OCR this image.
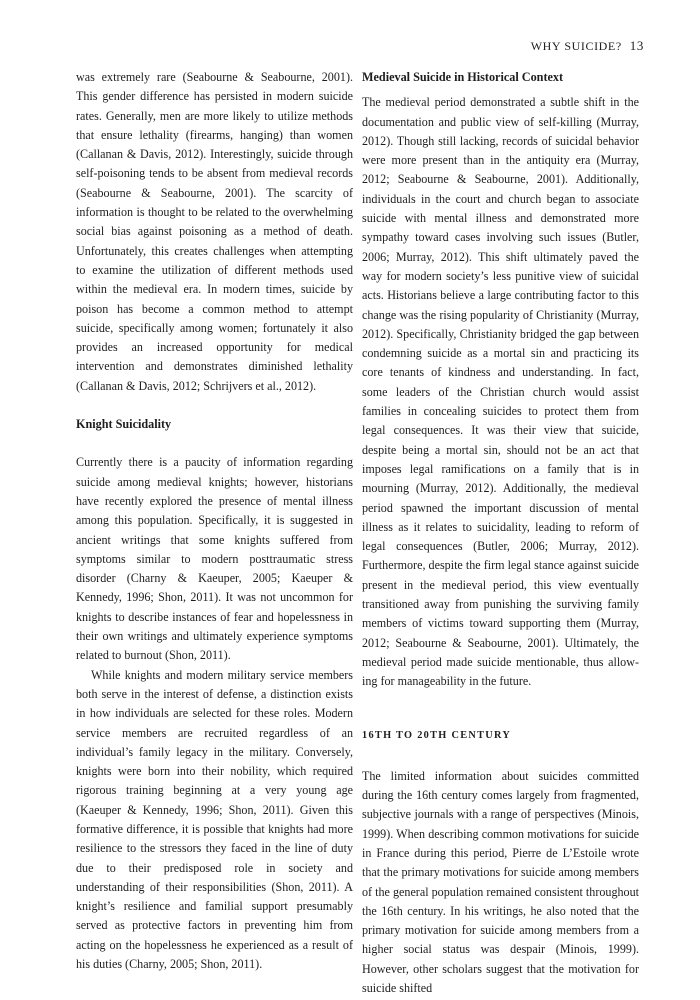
WHY SUICIDE? 13

was extremely rare (Seabourne & Seabourne, 2001). This gender difference has persisted in modern suicide rates. Generally, men are more likely to utilize methods that ensure lethality (firearms, hanging) than women (Callanan & Davis, 2012). Interestingly, suicide through self-poisoning tends to be absent from medieval records (Seabourne & Seabourne, 2001). The scarcity of information is thought to be related to the overwhelming social bias against poisoning as a method of death. Unfortunately, this creates challenges when attempting to examine the utilization of different methods used within the medieval era. In modern times, suicide by poison has become a common method to attempt suicide, specifically among women; fortunately it also provides an increased opportunity for medical intervention and demonstrates diminished lethality (Callanan & Davis, 2012; Schrijvers et al., 2012).

Knight Suicidality

Currently there is a paucity of information regarding suicide among medieval knights; however, historians have recently explored the presence of mental illness among this population. Specifically, it is suggested in ancient writings that some knights suffered from symptoms similar to modern posttraumatic stress disorder (Charny & Kaeuper, 2005; Kaeuper & Kennedy, 1996; Shon, 2011). It was not uncommon for knights to describe instances of fear and hopelessness in their own writings and ultimately experience symptoms related to burnout (Shon, 2011).

While knights and modern military service members both serve in the interest of defense, a distinction exists in how individuals are selected for these roles. Modern service members are recruited regardless of an individual’s family legacy in the military. Conversely, knights were born into their nobility, which required rigorous training beginning at a very young age (Kaeuper & Kennedy, 1996; Shon, 2011). Given this formative difference, it is possible that knights had more resilience to the stressors they faced in the line of duty due to their predisposed role in society and understanding of their responsibilities (Shon, 2011). A knight’s resilience and familial support presumably served as protective factors in preventing him from acting on the hopelessness he experienced as a result of his duties (Charny, 2005; Shon, 2011).

Medieval Suicide in Historical Context

The medieval period demonstrated a subtle shift in the documentation and public view of self-killing (Murray, 2012). Though still lacking, records of suicidal behavior were more present than in the antiquity era (Murray, 2012; Seabourne & Seabourne, 2001). Additionally, individuals in the court and church began to associate suicide with mental illness and demonstrated more sympathy toward cases involving such issues (Butler, 2006; Murray, 2012). This shift ultimately paved the way for modern society’s less punitive view of suicidal acts. Historians believe a large contributing factor to this change was the rising popularity of Christianity (Murray, 2012). Specifically, Christianity bridged the gap between condemning suicide as a mortal sin and practicing its core tenants of kindness and understanding. In fact, some leaders of the Christian church would assist families in concealing suicides to protect them from legal consequences. It was their view that suicide, despite being a mortal sin, should not be an act that imposes legal ramifications on a family that is in mourning (Murray, 2012). Additionally, the medieval period spawned the important discussion of mental illness as it relates to suicidality, leading to reform of legal consequences (Butler, 2006; Murray, 2012). Furthermore, despite the firm legal stance against suicide present in the medieval period, this view eventually transitioned away from punishing the surviving family members of victims toward supporting them (Murray, 2012; Seabourne & Seabourne, 2001). Ultimately, the medieval period made suicide mentionable, thus allowing for manageability in the future.

16TH TO 20TH CENTURY

The limited information about suicides committed during the 16th century comes largely from fragmented, subjective journals with a range of perspectives (Minois, 1999). When describing common motivations for suicide in France during this period, Pierre de L’Estoile wrote that the primary motivations for suicide among members of the general population remained consistent throughout the 16th century. In his writings, he also noted that the primary motivation for suicide among members from a higher social status was despair (Minois, 1999). However, other scholars suggest that the motivation for suicide shifted
